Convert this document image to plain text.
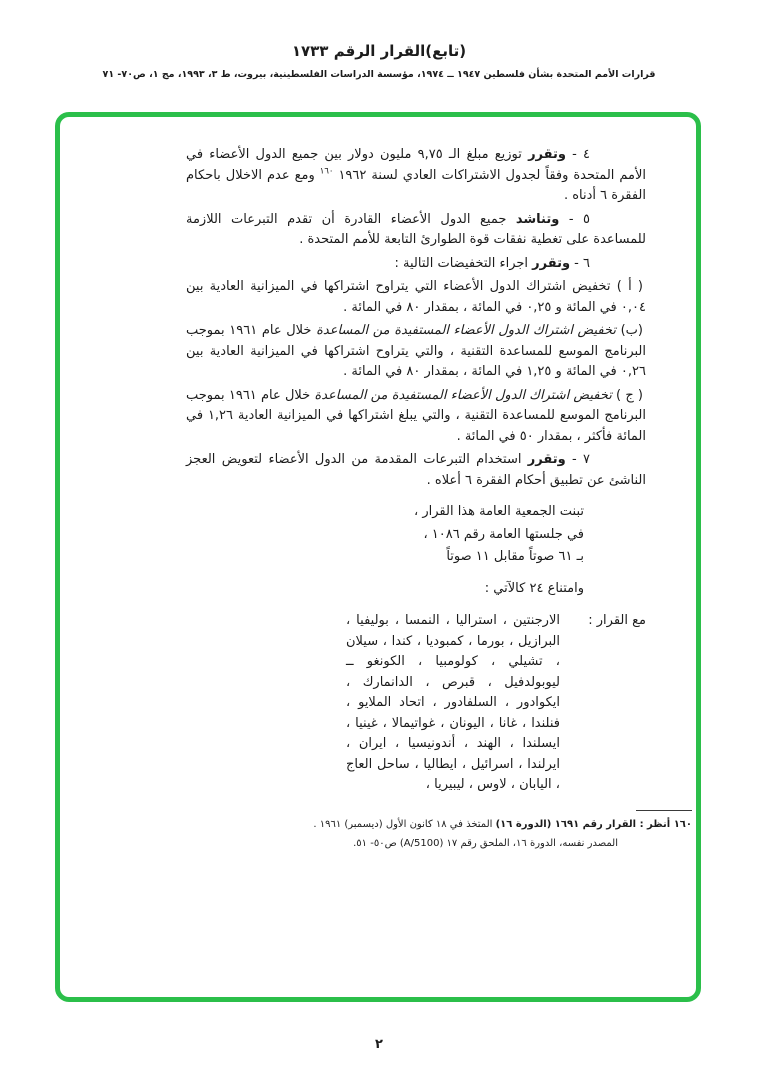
(تابع)القرار الرقم ١٧٣٣
قرارات الأمم المتحدة بشأن فلسطين ١٩٤٧ ــ ١٩٧٤، مؤسسة الدراسات الفلسطينية، بيروت، ط ٣، ١٩٩٣، مج ١، ص٧٠- ٧١
٤ - وتقرر توزيع مبلغ الـ ٩,٧٥ مليون دولار بين جميع الدول الأعضاء في الأمم المتحدة وفقاً لجدول الاشتراكات العادي لسنة ١٩٦٢ $^{١٦٠}$ ومع عدم الاخلال باحكام الفقرة ٦ أدناه .
٥ - وتناشد جميع الدول الأعضاء القادرة أن تقدم التبرعات اللازمة للمساعدة على تغطية نفقات قوة الطوارئ التابعة للأمم المتحدة .
٦ - وتقرر اجراء التخفيضات التالية :
( أ ) تخفيض اشتراك الدول الأعضاء التي يتراوح اشتراكها في الميزانية العادية بين ٠,٠٤ في المائة و ٠,٢٥ في المائة ، بمقدار ٨٠ في المائة .
(ب) تخفيض اشتراك الدول الأعضاء المستفيدة من المساعدة خلال عام ١٩٦١ بموجب البرنامج الموسع للمساعدة التقنية ، والتي يتراوح اشتراكها في الميزانية العادية بين ٠,٢٦ في المائة و ١,٢٥ في المائة ، بمقدار ٨٠ في المائة .
( ج ) تخفيض اشتراك الدول الأعضاء المستفيدة من المساعدة خلال عام ١٩٦١ بموجب البرنامج الموسع للمساعدة التقنية ، والتي يبلغ اشتراكها في الميزانية العادية ١,٢٦ في المائة فأكثر ، بمقدار ٥٠ في المائة .
٧ - وتقرر استخدام التبرعات المقدمة من الدول الأعضاء لتعويض العجز الناشئ عن تطبيق أحكام الفقرة ٦ أعلاه .
تبنت الجمعية العامة هذا القرار ،
في جلستها العامة رقم ١٠٨٦ ،
بـ ٦١ صوتاً مقابل ١١ صوتاً
وامتناع ٢٤ كالآتي :
مع القرار :
الارجنتين ، استراليا ، النمسا ، بوليفيا ، البرازيل ، بورما ، كمبوديا ، كندا ، سيلان ، تشيلي ، كولومبيا ، الكونغو ــ ليوبولدفيل ، قبرص ، الدانمارك ، ايكوادور ، السلفادور ، اتحاد الملايو ، فنلندا ، غانا ، اليونان ، غواتيمالا ، غينيا ، ايسلندا ، الهند ، أندونيسيا ، ايران ، ايرلندا ، اسرائيل ، ايطاليا ، ساحل العاج ، اليابان ، لاوس ، ليبيريا ،
١٦٠ أنظر : القرار رقم ١٦٩١ (الدورة ١٦) المتخذ في ١٨ كانون الأول (ديسمبر) ١٩٦١ .
المصدر نفسه، الدورة ١٦، الملحق رقم ١٧ (A/5100) ص٥٠- ٥١.
٢
